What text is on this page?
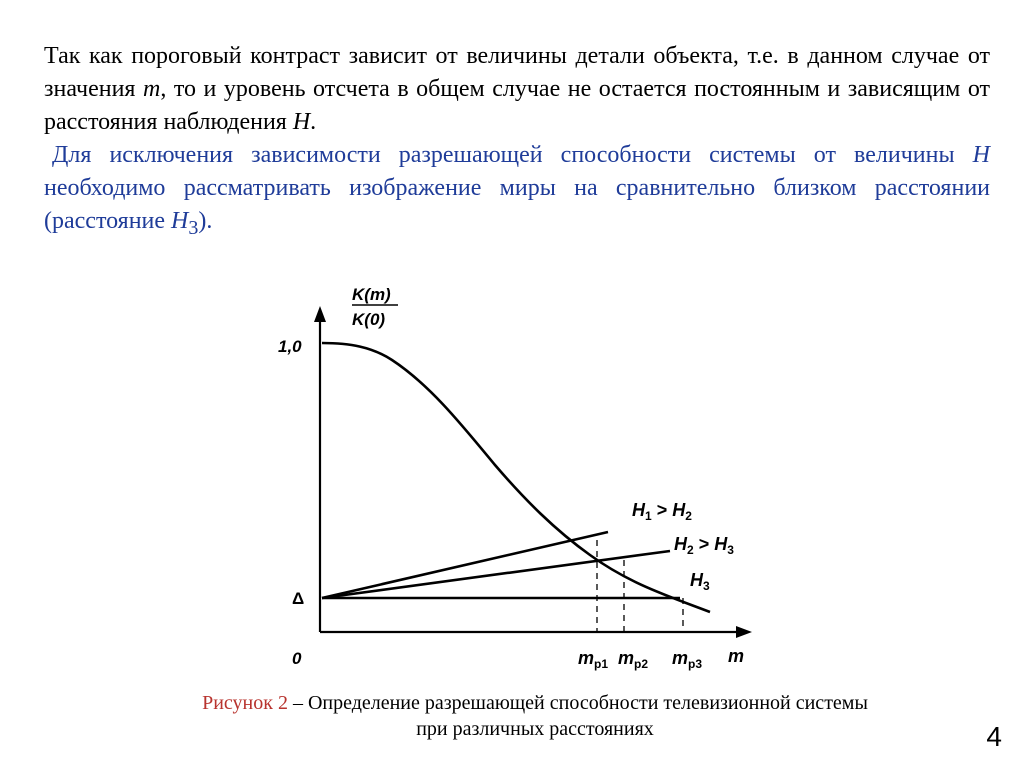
Так как пороговый контраст зависит от величины детали объекта, т.е. в данном случае от значения m, то и уровень отсчета в общем случае не остается постоянным и зависящим от расстояния наблюдения H.

Для исключения зависимости разрешающей способности системы от величины H необходимо рассматривать изображение миры на сравнительно близком расстоянии (расстояние $H_3$).

K(m)
K(0)
1,0
Δ
0
$H_1 > H_2$
$H_2 > H_3$
$H_3$
$m_{p1}$ $m_{p2}$ $m_{p3}$ m
Рисунок 2 – Определение разрешающей способности телевизионной системы
при различных расстояниях	4
